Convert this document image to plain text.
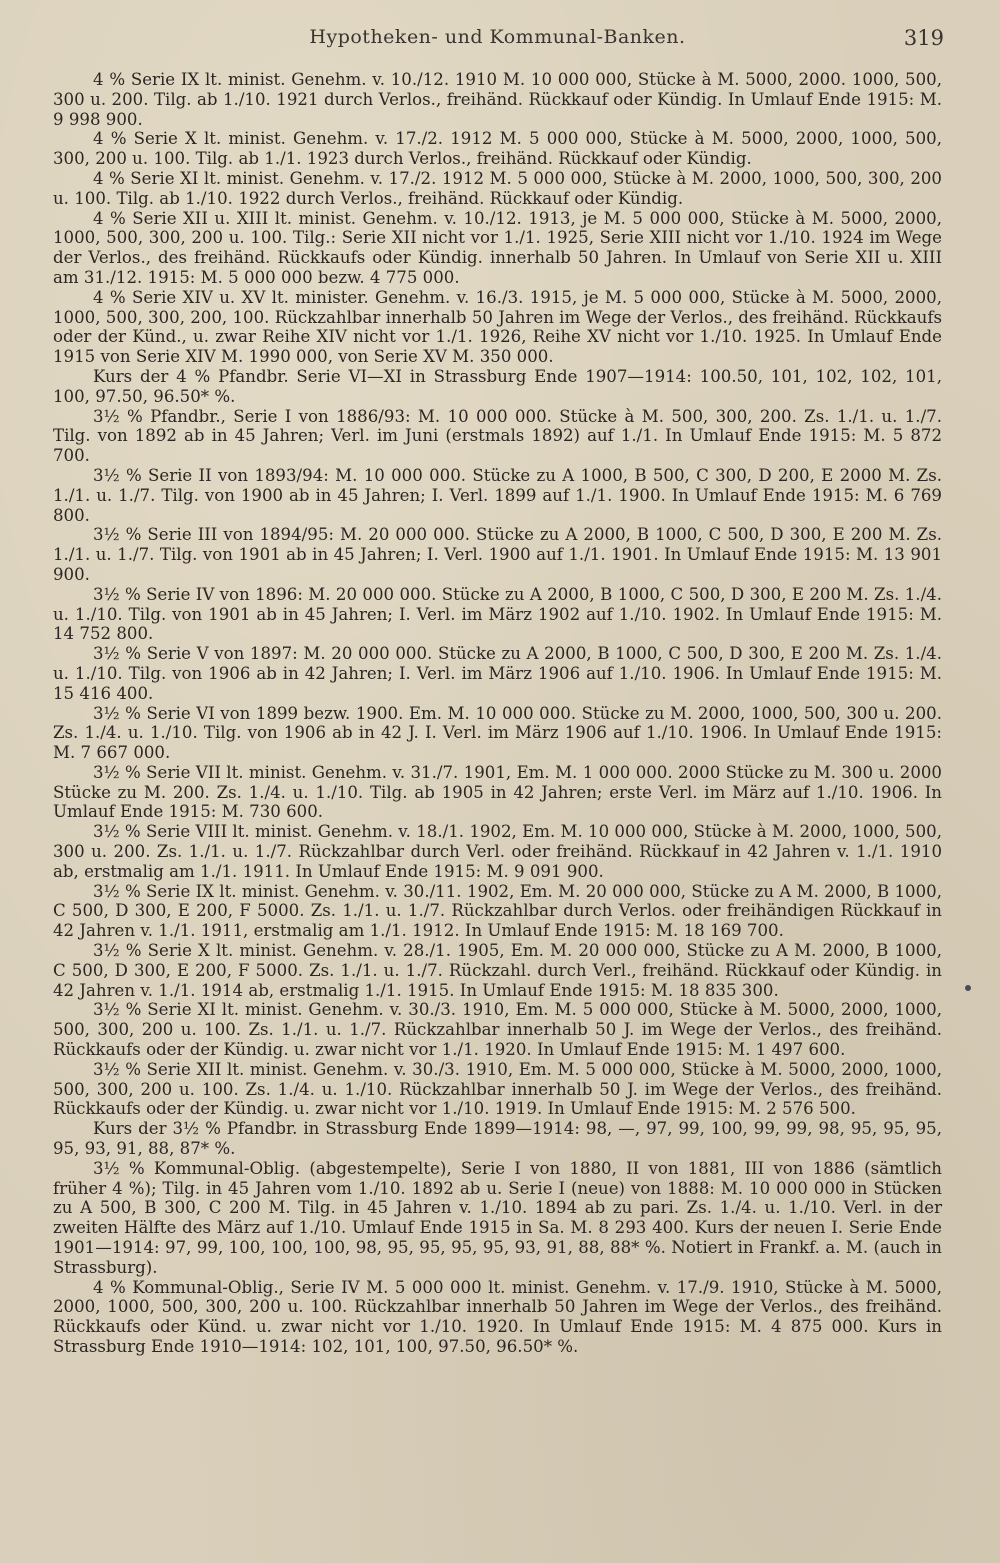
Hypotheken- und Kommunal-Banken.	319

4 % Serie IX lt. minist. Genehm. v. 10./12. 1910 M. 10 000 000, Stücke à M. 5000, 2000. 1000, 500, 300 u. 200. Tilg. ab 1./10. 1921 durch Verlos., freihänd. Rückkauf oder Kündig. In Umlauf Ende 1915: M. 9 998 900.

4 % Serie X lt. minist. Genehm. v. 17./2. 1912 M. 5 000 000, Stücke à M. 5000, 2000, 1000, 500, 300, 200 u. 100. Tilg. ab 1./1. 1923 durch Verlos., freihänd. Rückkauf oder Kündig.

4 % Serie XI lt. minist. Genehm. v. 17./2. 1912 M. 5 000 000, Stücke à M. 2000, 1000, 500, 300, 200 u. 100. Tilg. ab 1./10. 1922 durch Verlos., freihänd. Rückkauf oder Kündig.

4 % Serie XII u. XIII lt. minist. Genehm. v. 10./12. 1913, je M. 5 000 000, Stücke à M. 5000, 2000, 1000, 500, 300, 200 u. 100. Tilg.: Serie XII nicht vor 1./1. 1925, Serie XIII nicht vor 1./10. 1924 im Wege der Verlos., des freihänd. Rückkaufs oder Kündig. innerhalb 50 Jahren. In Umlauf von Serie XII u. XIII am 31./12. 1915: M. 5 000 000 bezw. 4 775 000.

4 % Serie XIV u. XV lt. minister. Genehm. v. 16./3. 1915, je M. 5 000 000, Stücke à M. 5000, 2000, 1000, 500, 300, 200, 100. Rückzahlbar innerhalb 50 Jahren im Wege der Verlos., des freihänd. Rückkaufs oder der Künd., u. zwar Reihe XIV nicht vor 1./1. 1926, Reihe XV nicht vor 1./10. 1925. In Umlauf Ende 1915 von Serie XIV M. 1990 000, von Serie XV M. 350 000.

Kurs der 4 % Pfandbr. Serie VI—XI in Strassburg Ende 1907—1914: 100.50, 101, 102, 102, 101, 100, 97.50, 96.50* %.

3½ % Pfandbr., Serie I von 1886/93: M. 10 000 000. Stücke à M. 500, 300, 200. Zs. 1./1. u. 1./7. Tilg. von 1892 ab in 45 Jahren; Verl. im Juni (erstmals 1892) auf 1./1. In Umlauf Ende 1915: M. 5 872 700.

3½ % Serie II von 1893/94: M. 10 000 000. Stücke zu A 1000, B 500, C 300, D 200, E 2000 M. Zs. 1./1. u. 1./7. Tilg. von 1900 ab in 45 Jahren; I. Verl. 1899 auf 1./1. 1900. In Umlauf Ende 1915: M. 6 769 800.

3½ % Serie III von 1894/95: M. 20 000 000. Stücke zu A 2000, B 1000, C 500, D 300, E 200 M. Zs. 1./1. u. 1./7. Tilg. von 1901 ab in 45 Jahren; I. Verl. 1900 auf 1./1. 1901. In Umlauf Ende 1915: M. 13 901 900.

3½ % Serie IV von 1896: M. 20 000 000. Stücke zu A 2000, B 1000, C 500, D 300, E 200 M. Zs. 1./4. u. 1./10. Tilg. von 1901 ab in 45 Jahren; I. Verl. im März 1902 auf 1./10. 1902. In Umlauf Ende 1915: M. 14 752 800.

3½ % Serie V von 1897: M. 20 000 000. Stücke zu A 2000, B 1000, C 500, D 300, E 200 M. Zs. 1./4. u. 1./10. Tilg. von 1906 ab in 42 Jahren; I. Verl. im März 1906 auf 1./10. 1906. In Umlauf Ende 1915: M. 15 416 400.

3½ % Serie VI von 1899 bezw. 1900. Em. M. 10 000 000. Stücke zu M. 2000, 1000, 500, 300 u. 200. Zs. 1./4. u. 1./10. Tilg. von 1906 ab in 42 J. I. Verl. im März 1906 auf 1./10. 1906. In Umlauf Ende 1915: M. 7 667 000.

3½ % Serie VII lt. minist. Genehm. v. 31./7. 1901, Em. M. 1 000 000. 2000 Stücke zu M. 300 u. 2000 Stücke zu M. 200. Zs. 1./4. u. 1./10. Tilg. ab 1905 in 42 Jahren; erste Verl. im März auf 1./10. 1906. In Umlauf Ende 1915: M. 730 600.

3½ % Serie VIII lt. minist. Genehm. v. 18./1. 1902, Em. M. 10 000 000, Stücke à M. 2000, 1000, 500, 300 u. 200. Zs. 1./1. u. 1./7. Rückzahlbar durch Verl. oder freihänd. Rückkauf in 42 Jahren v. 1./1. 1910 ab, erstmalig am 1./1. 1911. In Umlauf Ende 1915: M. 9 091 900.

3½ % Serie IX lt. minist. Genehm. v. 30./11. 1902, Em. M. 20 000 000, Stücke zu A M. 2000, B 1000, C 500, D 300, E 200, F 5000. Zs. 1./1. u. 1./7. Rückzahlbar durch Verlos. oder freihändigen Rückkauf in 42 Jahren v. 1./1. 1911, erstmalig am 1./1. 1912. In Umlauf Ende 1915: M. 18 169 700.

3½ % Serie X lt. minist. Genehm. v. 28./1. 1905, Em. M. 20 000 000, Stücke zu A M. 2000, B 1000, C 500, D 300, E 200, F 5000. Zs. 1./1. u. 1./7. Rückzahl. durch Verl., freihänd. Rückkauf oder Kündig. in 42 Jahren v. 1./1. 1914 ab, erstmalig 1./1. 1915. In Umlauf Ende 1915: M. 18 835 300.

3½ % Serie XI lt. minist. Genehm. v. 30./3. 1910, Em. M. 5 000 000, Stücke à M. 5000, 2000, 1000, 500, 300, 200 u. 100. Zs. 1./1. u. 1./7. Rückzahlbar innerhalb 50 J. im Wege der Verlos., des freihänd. Rückkaufs oder der Kündig. u. zwar nicht vor 1./1. 1920. In Umlauf Ende 1915: M. 1 497 600.

3½ % Serie XII lt. minist. Genehm. v. 30./3. 1910, Em. M. 5 000 000, Stücke à M. 5000, 2000, 1000, 500, 300, 200 u. 100. Zs. 1./4. u. 1./10. Rückzahlbar innerhalb 50 J. im Wege der Verlos., des freihänd. Rückkaufs oder der Kündig. u. zwar nicht vor 1./10. 1919. In Umlauf Ende 1915: M. 2 576 500.

Kurs der 3½ % Pfandbr. in Strassburg Ende 1899—1914: 98, —, 97, 99, 100, 99, 99, 98, 95, 95, 95, 95, 93, 91, 88, 87* %.

3½ % Kommunal-Oblig. (abgestempelte), Serie I von 1880, II von 1881, III von 1886 (sämtlich früher 4 %); Tilg. in 45 Jahren vom 1./10. 1892 ab u. Serie I (neue) von 1888: M. 10 000 000 in Stücken zu A 500, B 300, C 200 M. Tilg. in 45 Jahren v. 1./10. 1894 ab zu pari. Zs. 1./4. u. 1./10. Verl. in der zweiten Hälfte des März auf 1./10. Umlauf Ende 1915 in Sa. M. 8 293 400. Kurs der neuen I. Serie Ende 1901—1914: 97, 99, 100, 100, 100, 98, 95, 95, 95, 95, 93, 91, 88, 88* %. Notiert in Frankf. a. M. (auch in Strassburg).

4 % Kommunal-Oblig., Serie IV M. 5 000 000 lt. minist. Genehm. v. 17./9. 1910, Stücke à M. 5000, 2000, 1000, 500, 300, 200 u. 100. Rückzahlbar innerhalb 50 Jahren im Wege der Verlos., des freihänd. Rückkaufs oder Künd. u. zwar nicht vor 1./10. 1920. In Umlauf Ende 1915: M. 4 875 000. Kurs in Strassburg Ende 1910—1914: 102, 101, 100, 97.50, 96.50* %.
